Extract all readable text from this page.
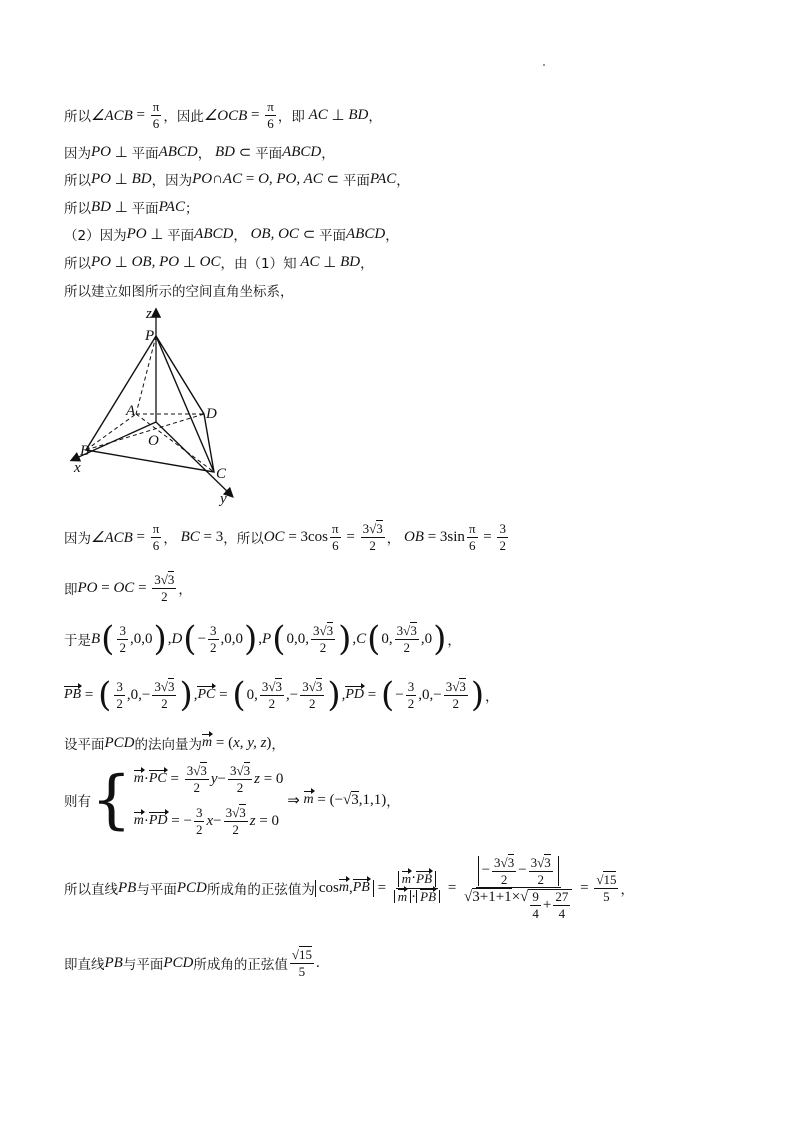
所以 ∠ACB = $\frac{\pi}{6}$ ，因此 ∠OCB = $\frac{\pi}{6}$ ，即 AC ⊥ BD ，
因为 PO ⊥ 平面 ABCD ， BD ⊂ 平面 ABCD ，
所以 PO ⊥ BD ，因为 PO ∩ AC = O, PO, AC ⊂ 平面 PAC ，
所以 BD ⊥ 平面 PAC ；
（2）因为 PO ⊥ 平面 ABCD ， OB, OC ⊂ 平面 ABCD ，
所以 PO ⊥ OB, PO ⊥ OC ，由（1）知 AC ⊥ BD ，
所以建立如图所示的空间直角坐标系，
P
A	D
O
B
C
x
y
z
因为 ∠ACB = $\frac{\pi}{6}$ ， BC = 3 ，所以 OC = $3\cos \frac{\pi}{6} = \frac{3√3}{2}$ ， OB = $3\sin \frac{\pi}{6} = \frac{3}{2}$
即 PO = OC = $\frac{3√3}{2}$ ，
于是 B ( $\frac{3}{2} ,0,0$ ) , D ( − $\frac{3}{2} ,0,0$ ) , P ( 0,0, $\frac{3√3}{2}$ ) , C ( 0, $\frac{3√3}{2} ,0$ ) ，
PB = ( $\frac{3}{2} ,0,- \frac{3√3}{2}$ ) , PC = ( 0, $\frac{3√3}{2}$ ,− $\frac{3√3}{2}$ ) , PD = ( − $\frac{3}{2} ,0,- \frac{3√3}{2}$ ) ，
设平面 PCD 的法向量为 m = ( x, y, z ) ，
则有 { m · PC = $\frac{3√3}{2}$ $y - \frac{3√3}{2}$ z = 0
m · PD = − $\frac{3}{2}$ $x - \frac{3√3}{2}$ z = 0
⇒ m = (−√3,1,1) ，
所以直线 PB 与平面 PCD 所成角的正弦值为 cos m , PB = $\frac{m \cdot PB}{m \cdot PB} = \frac{- \frac{3√3}{2} - \frac{3√3}{2}}{√3+1+1\times√ \frac{9}{4} + \frac{27}{4}} = \frac{√15}{5}$ ，
即直线 PB 与平面 PCD 所成角的正弦值 $\frac{√15}{5}$ .
